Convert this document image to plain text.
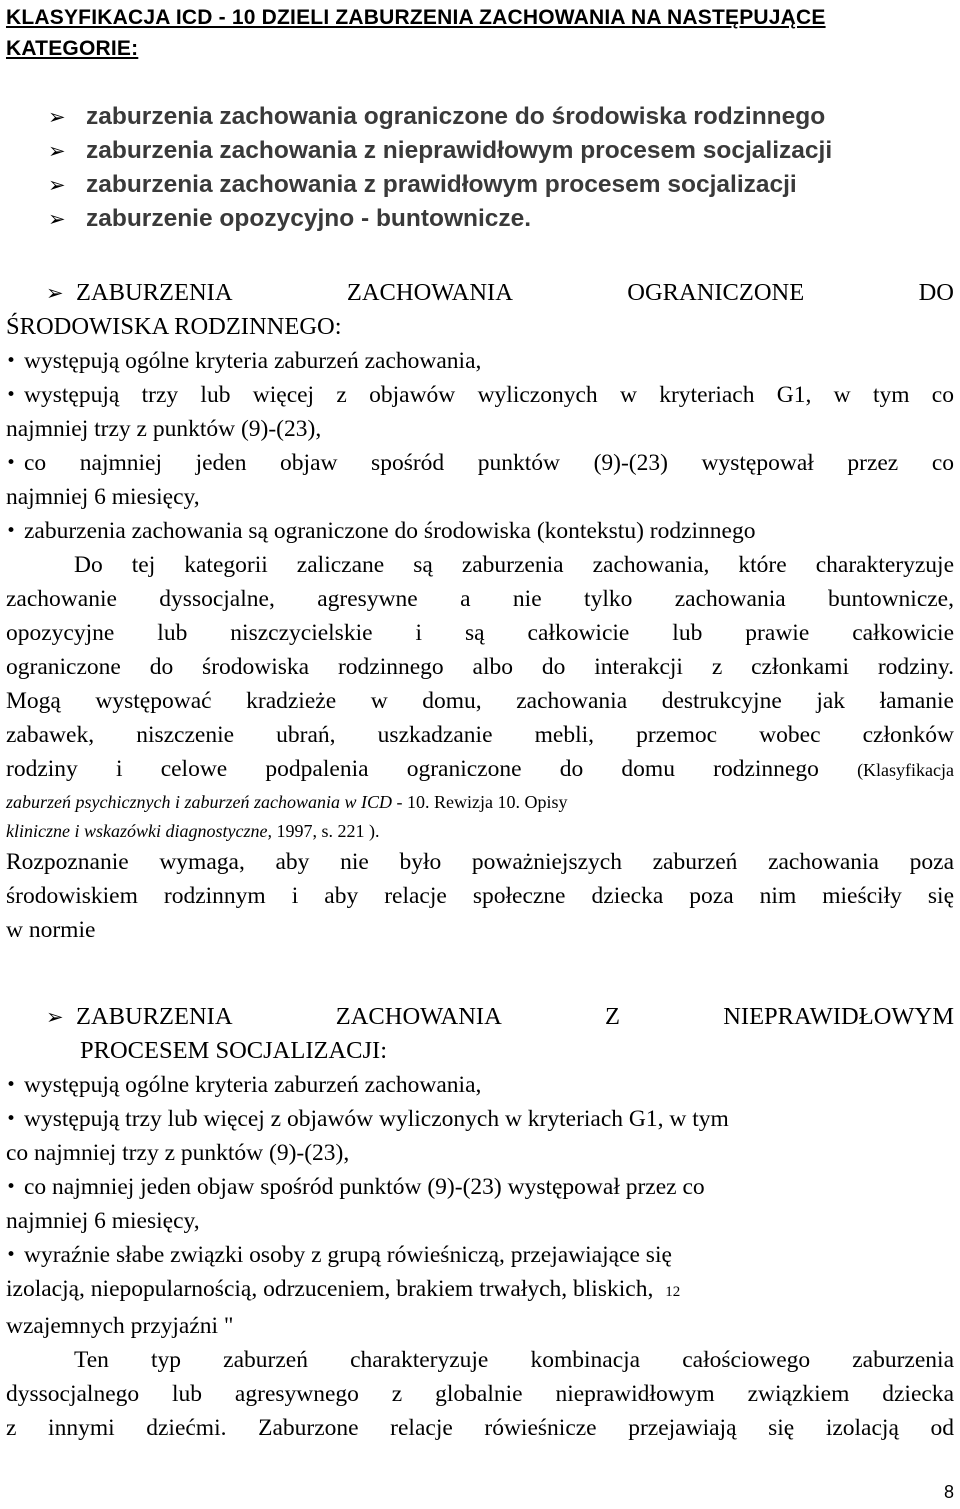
KLASYFIKACJA ICD - 10 DZIELI ZABURZENIA ZACHOWANIA NA NASTĘPUJĄCE KATEGORIE:
➢ zaburzenia zachowania ograniczone do środowiska rodzinnego
➢ zaburzenia zachowania z nieprawidłowym procesem socjalizacji
➢ zaburzenia zachowania z prawidłowym procesem socjalizacji
➢ zaburzenie opozycyjno - buntownicze.
➢ ZABURZENIA	ZACHOWANIA	OGRANICZONE	DO
ŚRODOWISKA RODZINNEGO:
• występują ogólne kryteria zaburzeń zachowania,
• występują trzy lub więcej z objawów wyliczonych w kryteriach G1, w tym co
najmniej trzy z punktów (9)-(23),
• co najmniej jeden objaw spośród punktów (9)-(23) występował przez co
najmniej 6 miesięcy,
• zaburzenia zachowania są ograniczone do środowiska (kontekstu) rodzinnego
Do tej kategorii zaliczane są zaburzenia zachowania, które charakteryzuje
zachowanie dyssocjalne, agresywne a nie tylko zachowania buntownicze,
opozycyjne lub niszczycielskie i są całkowicie lub prawie całkowicie
ograniczone do środowiska rodzinnego albo do interakcji z członkami rodziny.
Mogą występować kradzieże w domu, zachowania destrukcyjne jak łamanie
zabawek, niszczenie ubrań, uszkadzanie mebli, przemoc wobec członków
rodziny i celowe podpalenia ograniczone do domu rodzinnego (Klasyfikacja
zaburzeń psychicznych i zaburzeń zachowania w ICD - 10. Rewizja 10. Opisy
kliniczne i wskazówki diagnostyczne, 1997, s. 221 ).
Rozpoznanie wymaga, aby nie było poważniejszych zaburzeń zachowania poza
środowiskiem rodzinnym i aby relacje społeczne dziecka poza nim mieściły się
w normie
➢ ZABURZENIA	ZACHOWANIA	Z	NIEPRAWIDŁOWYM
PROCESEM SOCJALIZACJI:
• występują ogólne kryteria zaburzeń zachowania,
• występują trzy lub więcej z objawów wyliczonych w kryteriach G1, w tym
co najmniej trzy z punktów (9)-(23),
• co najmniej jeden objaw spośród punktów (9)-(23) występował przez co
najmniej 6 miesięcy,
• wyraźnie słabe związki osoby z grupą rówieśniczą, przejawiające się
izolacją, niepopularnością, odrzuceniem, brakiem trwałych, bliskich, 12
wzajemnych przyjaźni "
Ten typ zaburzeń charakteryzuje kombinacja całościowego zaburzenia
dyssocjalnego lub agresywnego z globalnie nieprawidłowym związkiem dziecka
z innymi dziećmi. Zaburzone relacje rówieśnicze przejawiają się izolacją od
8
